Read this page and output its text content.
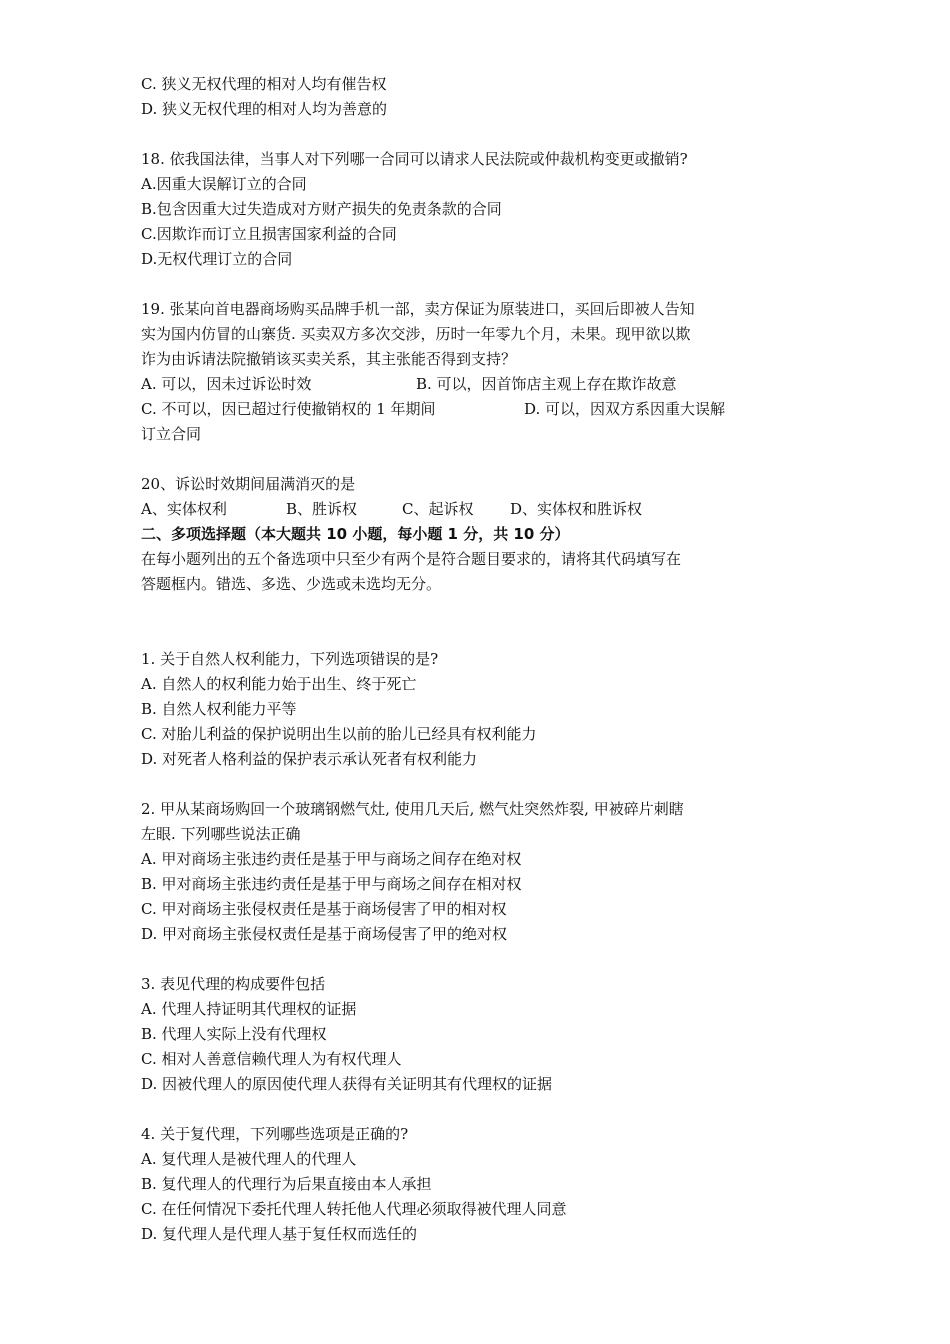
C. 狭义无权代理的相对人均有催告权
D. 狭义无权代理的相对人均为善意的
18. 依我国法律，当事人对下列哪一合同可以请求人民法院或仲裁机构变更或撤销?
A.因重大误解订立的合同
B.包含因重大过失造成对方财产损失的免责条款的合同
C.因欺诈而订立且损害国家利益的合同
D.无权代理订立的合同
19. 张某向首电器商场购买品牌手机一部，卖方保证为原装进口，买回后即被人告知
实为国内仿冒的山寨货. 买卖双方多次交涉，历时一年零九个月，未果。现甲欲以欺
诈为由诉请法院撤销该买卖关系，其主张能否得到支持？
A. 可以，因未过诉讼时效	B. 可以，因首饰店主观上存在欺诈故意
C. 不可以，因已超过行使撤销权的 1 年期间	D. 可以，因双方系因重大误解
订立合同
20、诉讼时效期间届满消灭的是
A、实体权利	B、胜诉权	C、起诉权	D、实体权和胜诉权
二、多项选择题（本大题共 10 小题，每小题 1 分，共 10 分）
在每小题列出的五个备选项中只至少有两个是符合题目要求的，请将其代码填写在
答题框内。错选、多选、少选或未选均无分。
1. 关于自然人权利能力，下列选项错误的是?
A. 自然人的权利能力始于出生、终于死亡
B. 自然人权利能力平等
C. 对胎儿利益的保护说明出生以前的胎儿已经具有权利能力
D. 对死者人格利益的保护表示承认死者有权利能力
2. 甲从某商场购回一个玻璃钢燃气灶, 使用几天后, 燃气灶突然炸裂, 甲被碎片刺瞎
左眼. 下列哪些说法正确
A. 甲对商场主张违约责任是基于甲与商场之间存在绝对权
B. 甲对商场主张违约责任是基于甲与商场之间存在相对权
C. 甲对商场主张侵权责任是基于商场侵害了甲的相对权
D. 甲对商场主张侵权责任是基于商场侵害了甲的绝对权
3. 表见代理的构成要件包括
A. 代理人持证明其代理权的证据
B. 代理人实际上没有代理权
C. 相对人善意信赖代理人为有权代理人
D. 因被代理人的原因使代理人获得有关证明其有代理权的证据
4. 关于复代理，下列哪些选项是正确的?
A. 复代理人是被代理人的代理人
B. 复代理人的代理行为后果直接由本人承担
C. 在任何情况下委托代理人转托他人代理必须取得被代理人同意
D. 复代理人是代理人基于复任权而选任的
